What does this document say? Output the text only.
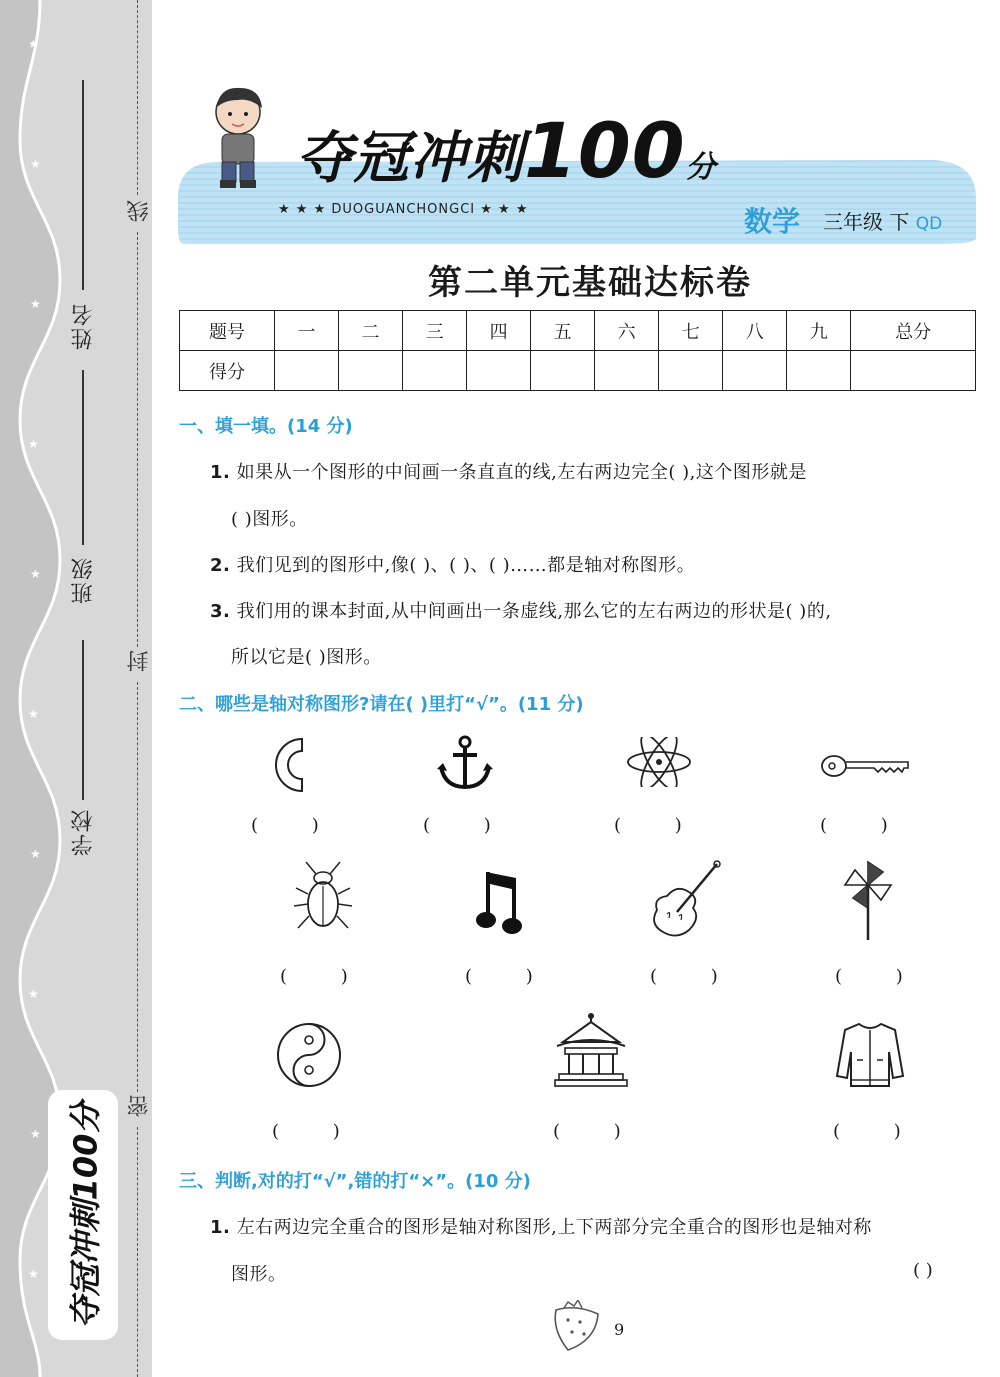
★
★
★
★
★
★
★
★
★
★
姓名
班级
学校
线
封
密
夺冠冲刺100分
夺冠冲刺100分
★ ★ ★ DUOGUANCHONGCI ★ ★ ★	数学 三年级 下 QD
第二单元基础达标卷
题号	一	二	三	四	五	六	七	八	九	总分
得分										
一、填一填。(14 分)
1. 如果从一个图形的中间画一条直直的线,左右两边完全( ),这个图形就是
( )图形。
2. 我们见到的图形中,像( )、( )、( )……都是轴对称图形。
3. 我们用的课本封面,从中间画出一条虚线,那么它的左右两边的形状是( )的,
所以它是( )图形。
二、哪些是轴对称图形?请在( )里打“√”。(11 分)
( )	( )	( )	( )
( )	( )	( )	( )
( )	( )	( )
三、判断,对的打“√”,错的打“×”。(10 分)
1. 左右两边完全重合的图形是轴对称图形,上下两部分完全重合的图形也是轴对称
图形。	( )
9
